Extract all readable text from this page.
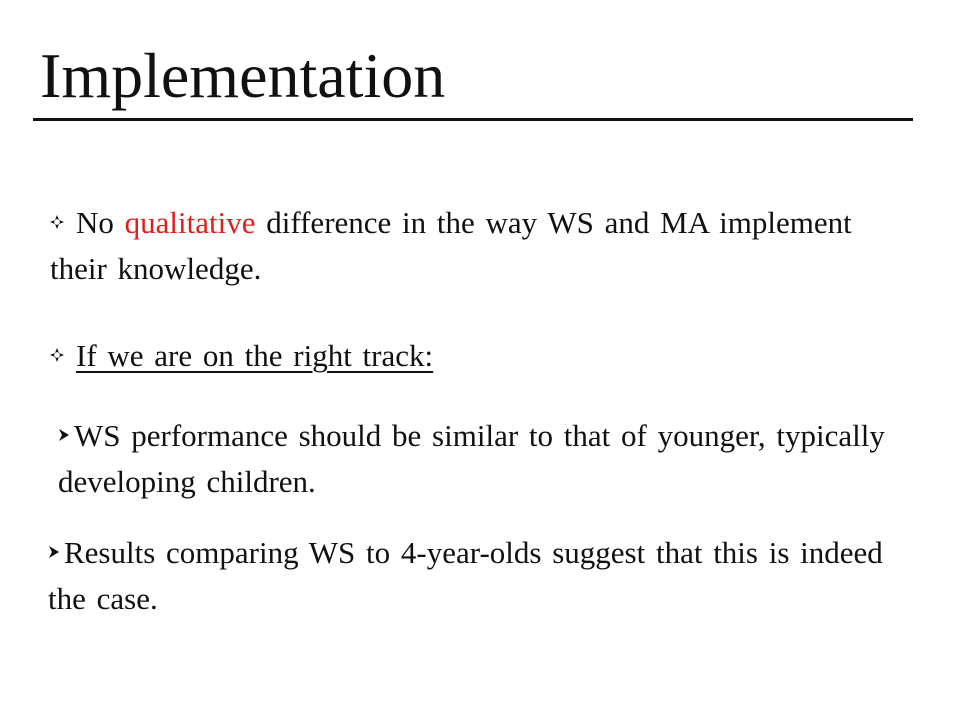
Implementation
No qualitative difference in the way WS and MA implement their knowledge.
If we are on the right track:
WS performance should be similar to that of younger, typically developing children.
Results comparing WS to 4-year-olds suggest that this is indeed the case.
